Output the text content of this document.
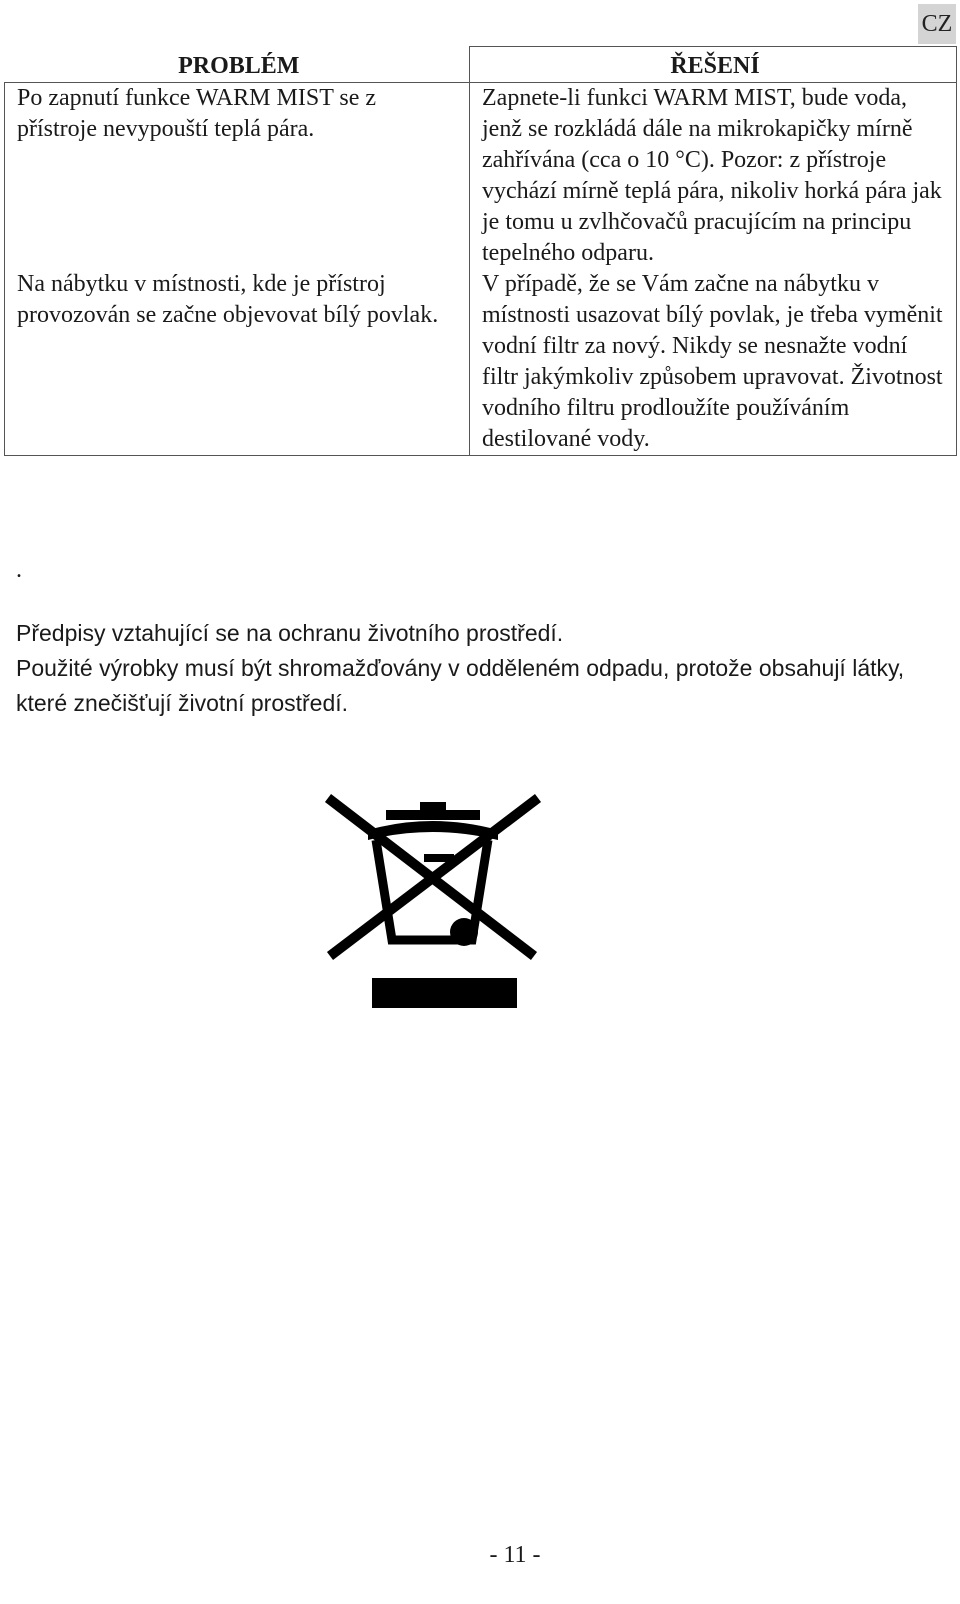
CZ
PROBLÉM	ŘEŠENÍ
Po zapnutí funkce WARM MIST se z přístroje nevypouští teplá pára.	Zapnete-li funkci WARM MIST, bude voda, jenž se rozkládá dále na mikrokapičky mírně zahřívána (cca o 10 °C). Pozor: z přístroje vychází mírně teplá pára, nikoliv horká pára jak je tomu u zvlhčovačů pracujícím na principu tepelného odparu.
Na nábytku v místnosti, kde je přístroj provozován se začne objevovat bílý povlak.	V případě, že se Vám začne na nábytku v místnosti usazovat bílý povlak, je třeba vyměnit vodní filtr za nový. Nikdy se nesnažte vodní filtr jakýmkoliv způsobem upravovat. Životnost vodního filtru prodloužíte používáním destilované vody.
.

Předpisy vztahující se na ochranu životního prostředí.

Použité výrobky musí být shromažďovány v odděleném odpadu, protože obsahují látky, které znečišťují životní prostředí.

- 11 -
